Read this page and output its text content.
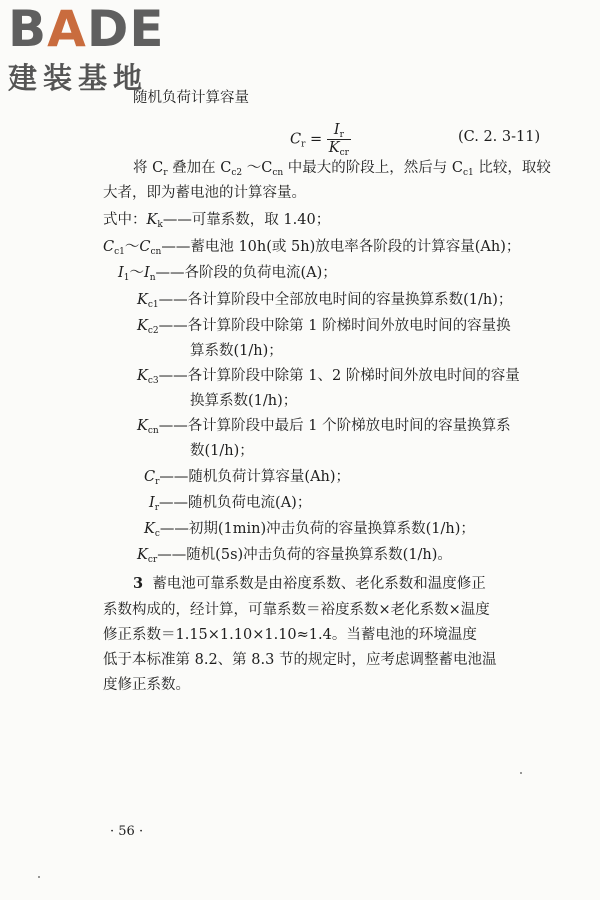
BADE
建装基地
随机负荷计算容量
$C_r = \frac{I_r}{K_{cr}}$	(C. 2. 3-11)
将 $C_r$ 叠加在 $C_{c2}$ $\sim C_{cn}$ 中最大的阶段上，然后与 $C_{c1}$ 比较，取较
大者，即为蓄电池的计算容量。
式中：$K_k——$可靠系数，取 1.40；
$C_{c1}\sim C_{cn}——$蓄电池 10h(或 5h)放电率各阶段的计算容量(Ah)；
$I_1\sim I_n——$各阶段的负荷电流(A)；
$K_{c1}——$各计算阶段中全部放电时间的容量换算系数(1/h)；
$K_{c2}——$各计算阶段中除第 1 阶梯时间外放电时间的容量换
算系数(1/h)；
$K_{c3}——$各计算阶段中除第 1、2 阶梯时间外放电时间的容量
换算系数(1/h)；
$K_{cn}——$各计算阶段中最后 1 个阶梯放电时间的容量换算系
数(1/h)；
$C_r——$随机负荷计算容量(Ah)；
$I_r——$随机负荷电流(A)；
$K_c——$初期(1min)冲击负荷的容量换算系数(1/h)；
$K_{cr}——$随机(5s)冲击负荷的容量换算系数(1/h)。
3 蓄电池可靠系数是由裕度系数、老化系数和温度修正
系数构成的，经计算，可靠系数＝裕度系数×老化系数×温度
修正系数＝1.15×1.10×1.10≈1.4。当蓄电池的环境温度
低于本标准第 8.2、第 8.3 节的规定时，应考虑调整蓄电池温
度修正系数。
· 56 ·
